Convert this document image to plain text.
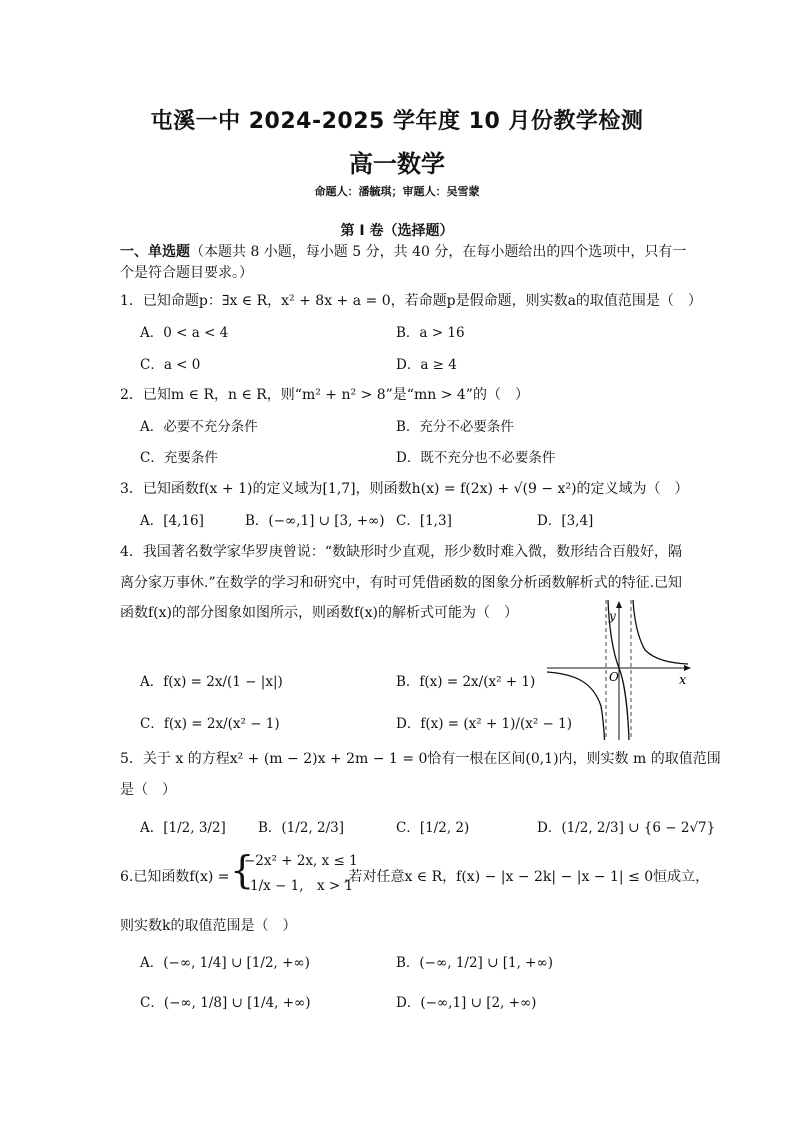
屯溪一中 2024-2025 学年度 10 月份教学检测
高一数学
命题人：潘毓琪；审题人：吴雪蒙
第 I 卷（选择题）
一、单选题（本题共 8 小题，每小题 5 分，共 40 分，在每小题给出的四个选项中，只有一
个是符合题目要求。）
1．已知命题p：∃x ∈ R，x² + 8x + a = 0，若命题p是假命题，则实数a的取值范围是（　）
A．0 < a < 4	B．a > 16
C．a < 0	D．a ≥ 4
2．已知m ∈ R，n ∈ R，则“m² + n² > 8”是“mn > 4”的（　）
A．必要不充分条件	B．充分不必要条件
C．充要条件	D．既不充分也不必要条件
3．已知函数f(x + 1)的定义域为[1,7]，则函数h(x) = f(2x) + √(9 − x²)的定义域为（　）
A．[4,16]	B．(−∞,1] ∪ [3, +∞) C．[1,3]	D．[3,4]
4．我国著名数学家华罗庚曾说：“数缺形时少直观，形少数时难入微，数形结合百般好，隔
离分家万事休.”在数学的学习和研究中，有时可凭借函数的图象分析函数解析式的特征.已知
函数f(x)的部分图象如图所示，则函数f(x)的解析式可能为（　）	y
x
O
A．f(x) = 2x/(1 − |x|)	B．f(x) = 2x/(x² + 1)
C．f(x) = 2x/(x² − 1)	D．f(x) = (x² + 1)/(x² − 1)
5．关于 x 的方程x² + (m − 2)x + 2m − 1 = 0恰有一根在区间(0,1)内，则实数 m 的取值范围
是（　）
A．[1/2, 3/2] B．(1/2, 2/3]	C．[1/2, 2)	D．(1/2, 2/3] ∪ {6 − 2√7}
6.已知函数f(x) = {
−2x² + 2x, x ≤ 1
1/x − 1,　x > 1
,若对任意x ∈ R，f(x) − |x − 2k| − |x − 1| ≤ 0恒成立，
则实数k的取值范围是（　）
A．(−∞, 1/4] ∪ [1/2, +∞)	B．(−∞, 1/2] ∪ [1, +∞)
C．(−∞, 1/8] ∪ [1/4, +∞)	D．(−∞,1] ∪ [2, +∞)
